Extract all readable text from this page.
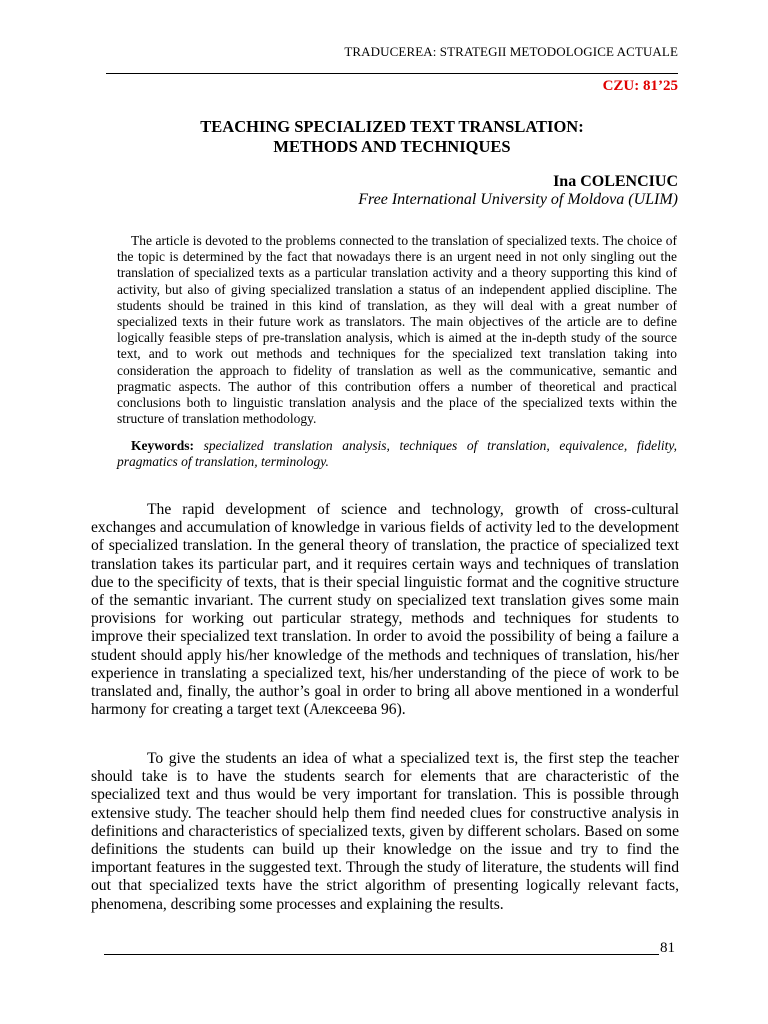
TRADUCEREA: STRATEGII METODOLOGICE ACTUALE
CZU: 81’25
TEACHING SPECIALIZED TEXT TRANSLATION:
METHODS AND TECHNIQUES
Ina COLENCIUC
Free International University of Moldova (ULIM)

The article is devoted to the problems connected to the translation of specialized texts. The choice of the topic is determined by the fact that nowadays there is an urgent need in not only singling out the translation of specialized texts as a particular translation activity and a theory supporting this kind of activity, but also of giving specialized translation a status of an independent applied discipline. The students should be trained in this kind of translation, as they will deal with a great number of specialized texts in their future work as translators. The main objectives of the article are to define logically feasible steps of pre-translation analysis, which is aimed at the in-depth study of the source text, and to work out methods and techniques for the specialized text translation taking into consideration the approach to fidelity of translation as well as the communicative, semantic and pragmatic aspects. The author of this contribution offers a number of theoretical and practical conclusions both to linguistic translation analysis and the place of the specialized texts within the structure of translation methodology.

Keywords: specialized translation analysis, techniques of translation, equivalence, fidelity, pragmatics of translation, terminology.

The rapid development of science and technology, growth of cross-cultural exchanges and accumulation of knowledge in various fields of activity led to the development of specialized translation. In the general theory of translation, the practice of specialized text translation takes its particular part, and it requires certain ways and techniques of translation due to the specificity of texts, that is their special linguistic format and the cognitive structure of the semantic invariant. The current study on specialized text translation gives some main provisions for working out particular strategy, methods and techniques for students to improve their specialized text translation. In order to avoid the possibility of being a failure a student should apply his/her knowledge of the methods and techniques of translation, his/her experience in translating a specialized text, his/her understanding of the piece of work to be translated and, finally, the author’s goal in order to bring all above mentioned in a wonderful harmony for creating a target text (Алексеева 96).

To give the students an idea of what a specialized text is, the first step the teacher should take is to have the students search for elements that are characteristic of the specialized text and thus would be very important for translation. This is possible through extensive study. The teacher should help them find needed clues for constructive analysis in definitions and characteristics of specialized texts, given by different scholars. Based on some definitions the students can build up their knowledge on the issue and try to find the important features in the suggested text. Through the study of literature, the students will find out that specialized texts have the strict algorithm of presenting logically relevant facts, phenomena, describing some processes and explaining the results.

81
